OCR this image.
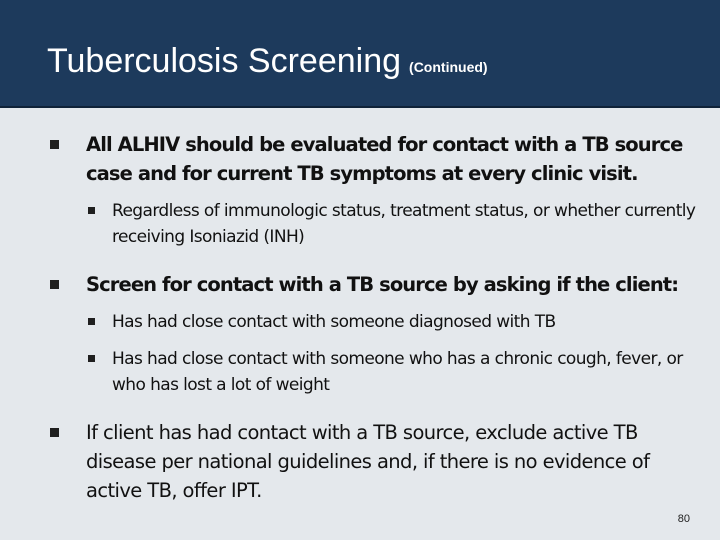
Tuberculosis Screening (Continued)
All ALHIV should be evaluated for contact with a TB source case and for current TB symptoms at every clinic visit.
Regardless of immunologic status, treatment status, or whether currently receiving Isoniazid (INH)
Screen for contact with a TB source by asking if the client:
Has had close contact with someone diagnosed with TB
Has had close contact with someone who has a chronic cough, fever, or who has lost a lot of weight
If client has had contact with a TB source, exclude active TB disease per national guidelines and, if there is no evidence of active TB, offer IPT.
80
